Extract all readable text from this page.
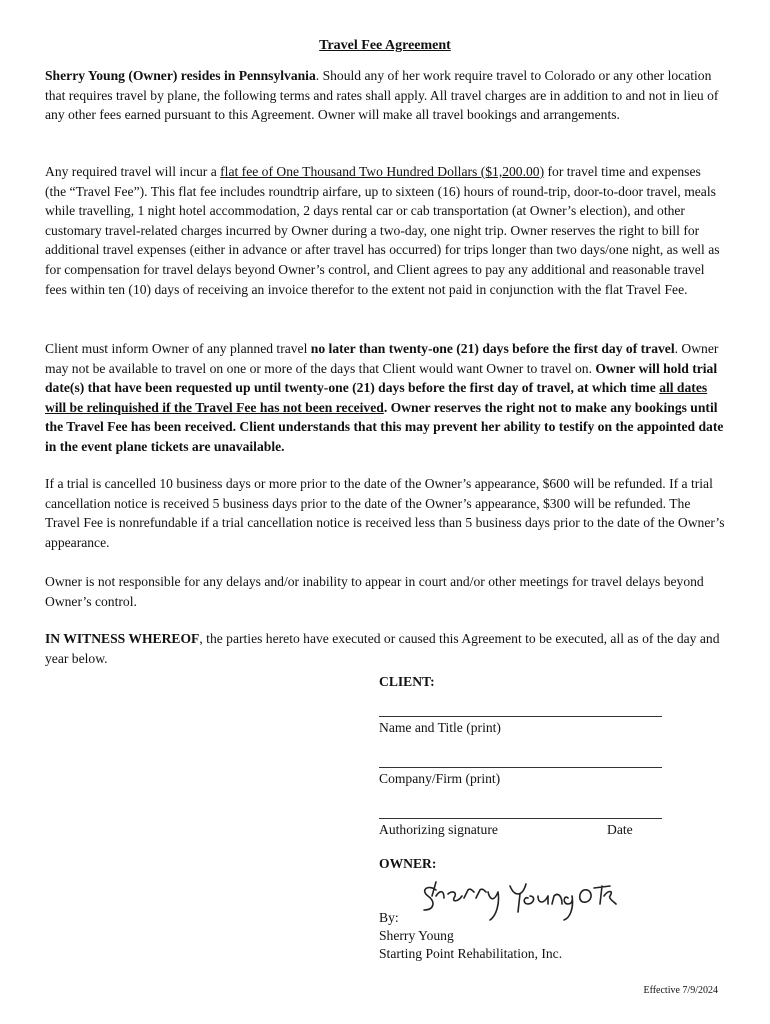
Travel Fee Agreement

Sherry Young (Owner) resides in Pennsylvania. Should any of her work require travel to Colorado or any other location that requires travel by plane, the following terms and rates shall apply. All travel charges are in addition to and not in lieu of any other fees earned pursuant to this Agreement. Owner will make all travel bookings and arrangements.

Any required travel will incur a flat fee of One Thousand Two Hundred Dollars ($1,200.00) for travel time and expenses (the “Travel Fee”). This flat fee includes roundtrip airfare, up to sixteen (16) hours of round-trip, door-to-door travel, meals while travelling, 1 night hotel accommodation, 2 days rental car or cab transportation (at Owner’s election), and other customary travel-related charges incurred by Owner during a two-day, one night trip. Owner reserves the right to bill for additional travel expenses (either in advance or after travel has occurred) for trips longer than two days/one night, as well as for compensation for travel delays beyond Owner’s control, and Client agrees to pay any additional and reasonable travel fees within ten (10) days of receiving an invoice therefor to the extent not paid in conjunction with the flat Travel Fee.

Client must inform Owner of any planned travel no later than twenty-one (21) days before the first day of travel. Owner may not be available to travel on one or more of the days that Client would want Owner to travel on. Owner will hold trial date(s) that have been requested up until twenty-one (21) days before the first day of travel, at which time all dates will be relinquished if the Travel Fee has not been received. Owner reserves the right not to make any bookings until the Travel Fee has been received. Client understands that this may prevent her ability to testify on the appointed date in the event plane tickets are unavailable.

If a trial is cancelled 10 business days or more prior to the date of the Owner’s appearance, $600 will be refunded. If a trial cancellation notice is received 5 business days prior to the date of the Owner’s appearance, $300 will be refunded. The Travel Fee is nonrefundable if a trial cancellation notice is received less than 5 business days prior to the date of the Owner’s appearance.

Owner is not responsible for any delays and/or inability to appear in court and/or other meetings for travel delays beyond Owner’s control.

IN WITNESS WHEREOF, the parties hereto have executed or caused this Agreement to be executed, all as of the day and year below.

CLIENT:
Name and Title (print)
Company/Firm (print)
Authorizing signature	Date
OWNER:
By:
Sherry Young
Starting Point Rehabilitation, Inc.
Effective 7/9/2024
